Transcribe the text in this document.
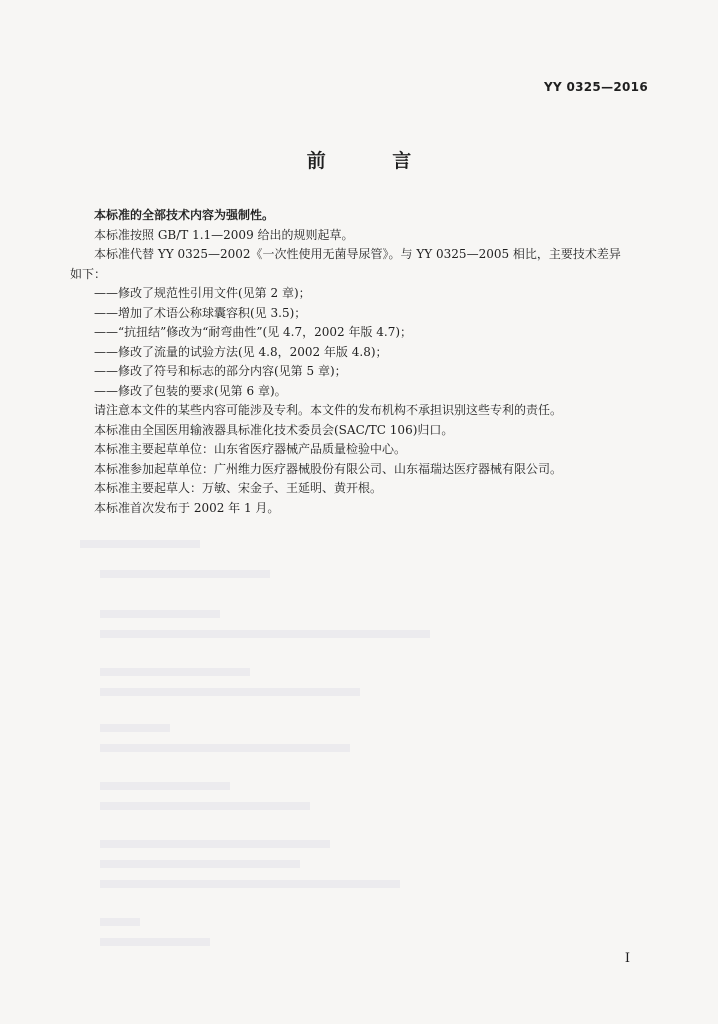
YY 0325—2016
前 言

本标准的全部技术内容为强制性。

本标准按照 GB/T 1.1—2009 给出的规则起草。

本标准代替 YY 0325—2002《一次性使用无菌导尿管》。与 YY 0325—2005 相比，主要技术差异

如下：

——修改了规范性引用文件(见第 2 章)；

——增加了术语公称球囊容积(见 3.5)；

——“抗扭结”修改为“耐弯曲性”(见 4.7，2002 年版 4.7)；

——修改了流量的试验方法(见 4.8，2002 年版 4.8)；

——修改了符号和标志的部分内容(见第 5 章)；

——修改了包装的要求(见第 6 章)。

请注意本文件的某些内容可能涉及专利。本文件的发布机构不承担识别这些专利的责任。

本标准由全国医用输液器具标准化技术委员会(SAC/TC 106)归口。

本标准主要起草单位：山东省医疗器械产品质量检验中心。

本标准参加起草单位：广州维力医疗器械股份有限公司、山东福瑞达医疗器械有限公司。

本标准主要起草人：万敏、宋金子、王延明、黄开根。

本标准首次发布于 2002 年 1 月。

I
